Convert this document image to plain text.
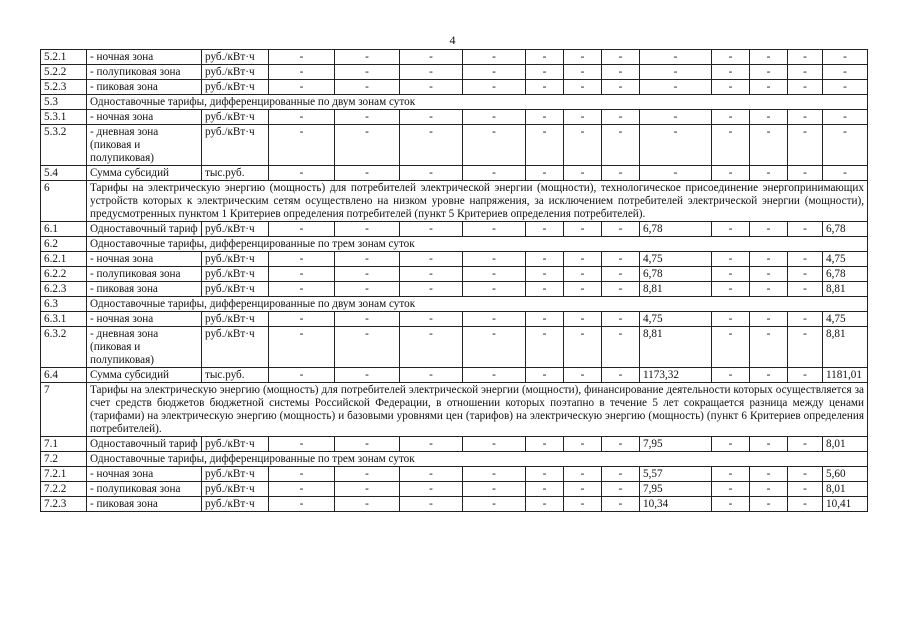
4
5.2.1	- ночная зона	руб./кВт·ч	-	-	-	-	-	-	-	-	-	-	-	-
5.2.2	- полупиковая зона	руб./кВт·ч	-	-	-	-	-	-	-	-	-	-	-	-
5.2.3	- пиковая зона	руб./кВт·ч	-	-	-	-	-	-	-	-	-	-	-	-
5.3	Одноставочные тарифы, дифференцированные по двум зонам суток													
5.3.1	- ночная зона	руб./кВт·ч	-	-	-	-	-	-	-	-	-	-	-	-
5.3.2	- дневная зона (пиковая и полупиковая)	руб./кВт·ч	-	-	-	-	-	-	-	-	-	-	-	-
5.4	Сумма субсидий	тыс.руб.	-	-	-	-	-	-	-	-	-	-	-	-
6	Тарифы на электрическую энергию (мощность) для потребителей электрической энергии (мощности), технологическое присоединение энергопринимающих устройств которых к электрическим сетям осуществлено на низком уровне напряжения, за исключением потребителей электрической энергии (мощности), предусмотренных пунктом 1 Критериев определения потребителей (пункт 5 Критериев определения потребителей).													
6.1	Одноставочный тариф	руб./кВт·ч	-	-	-	-	-	-	-	6,78	-	-	-	6,78
6.2	Одноставочные тарифы, дифференцированные по трем зонам суток													
6.2.1	- ночная зона	руб./кВт·ч	-	-	-	-	-	-	-	4,75	-	-	-	4,75
6.2.2	- полупиковая зона	руб./кВт·ч	-	-	-	-	-	-	-	6,78	-	-	-	6,78
6.2.3	- пиковая зона	руб./кВт·ч	-	-	-	-	-	-	-	8,81	-	-	-	8,81
6.3	Одноставочные тарифы, дифференцированные по двум зонам суток													
6.3.1	- ночная зона	руб./кВт·ч	-	-	-	-	-	-	-	4,75	-	-	-	4,75
6.3.2	- дневная зона (пиковая и полупиковая)	руб./кВт·ч	-	-	-	-	-	-	-	8,81	-	-	-	8,81
6.4	Сумма субсидий	тыс.руб.	-	-	-	-	-	-	-	1173,32	-	-	-	1181,01
7	Тарифы на электрическую энергию (мощность) для потребителей электрической энергии (мощности), финансирование деятельности которых осуществляется за счет средств бюджетов бюджетной системы Российской Федерации, в отношении которых поэтапно в течение 5 лет сокращается разница между ценами (тарифами) на электрическую энергию (мощность) и базовыми уровнями цен (тарифов) на электрическую энергию (мощность) (пункт 6 Критериев определения потребителей).													
7.1	Одноставочный тариф	руб./кВт·ч	-	-	-	-	-	-	-	7,95	-	-	-	8,01
7.2	Одноставочные тарифы, дифференцированные по трем зонам суток													
7.2.1	- ночная зона	руб./кВт·ч	-	-	-	-	-	-	-	5,57	-	-	-	5,60
7.2.2	- полупиковая зона	руб./кВт·ч	-	-	-	-	-	-	-	7,95	-	-	-	8,01
7.2.3	- пиковая зона	руб./кВт·ч	-	-	-	-	-	-	-	10,34	-	-	-	10,41
